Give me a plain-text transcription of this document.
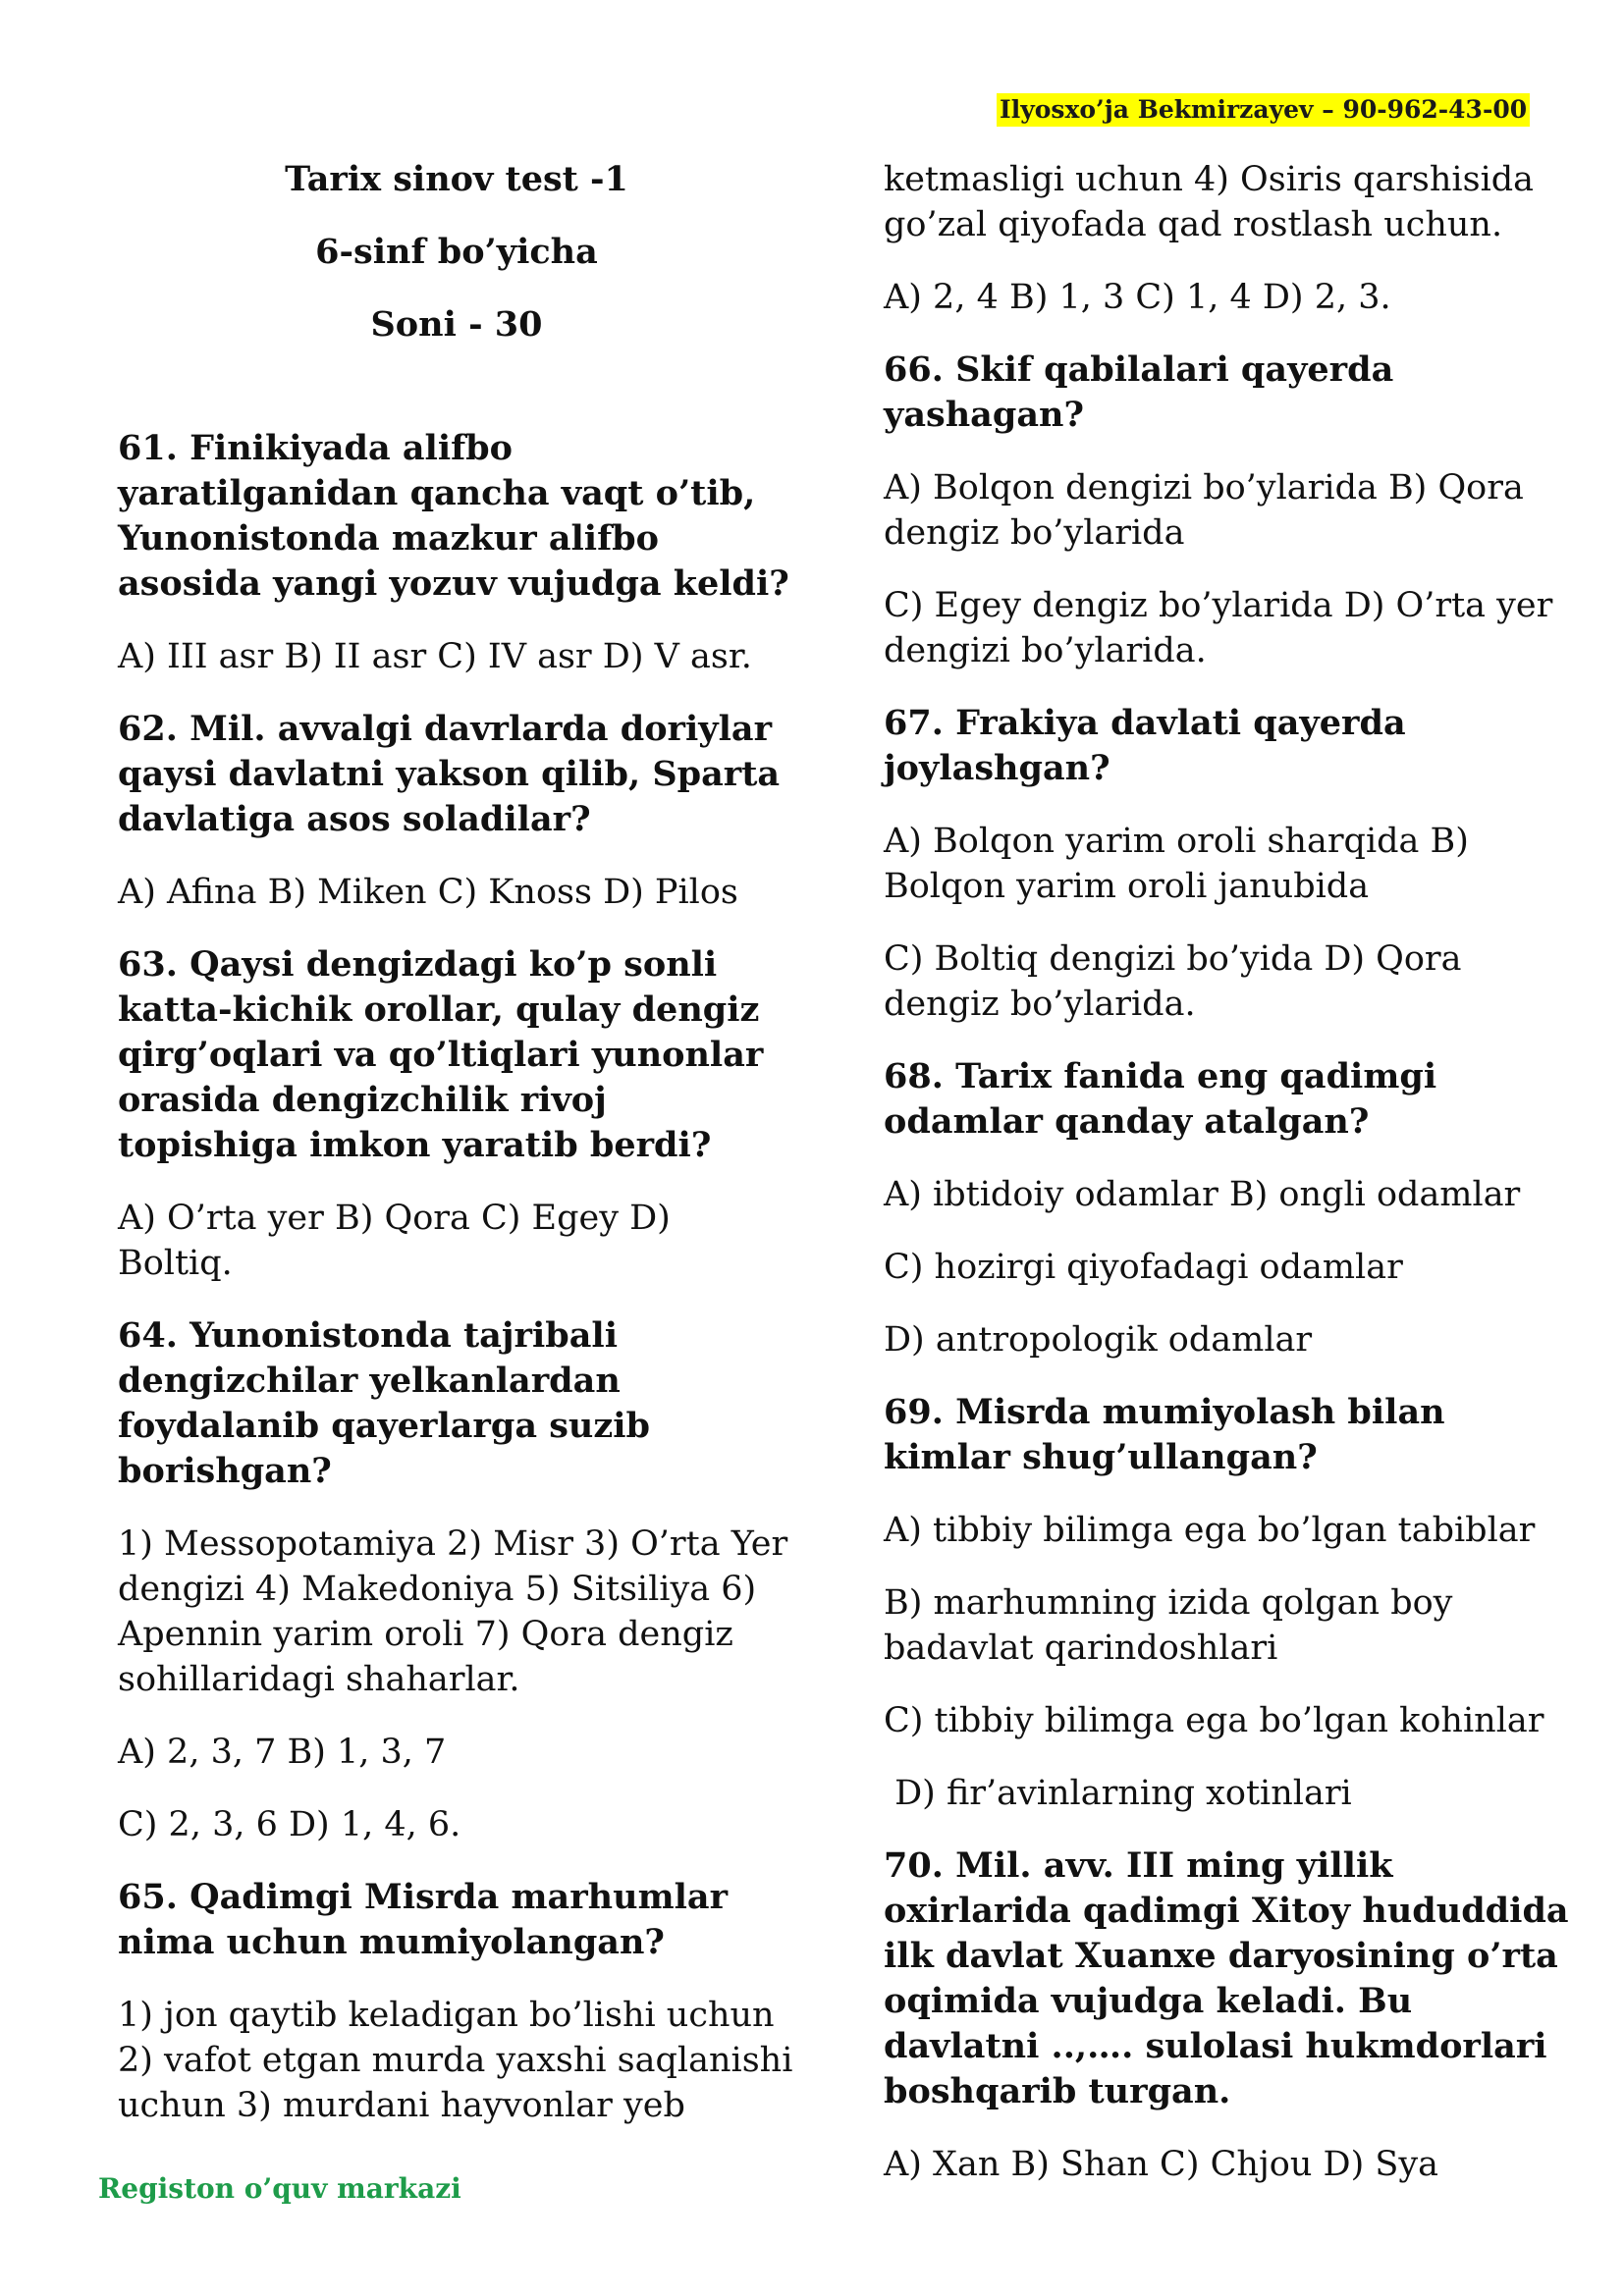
Ilyosxo’ja Bekmirzayev – 90-962-43-00
Tarix sinov test -1
6-sinf bo’yicha
Soni - 30

61. Finikiyada alifbo yaratilganidan qancha vaqt o’tib, Yunonistonda mazkur alifbo asosida yangi yozuv vujudga keldi?

A) III asr B) II asr C) IV asr D) V asr.

62. Mil. avvalgi davrlarda doriylar qaysi davlatni yakson qilib, Sparta davlatiga asos soladilar?

A) Afina B) Miken C) Knoss D) Pilos

63. Qaysi dengizdagi ko’p sonli katta-kichik orollar, qulay dengiz qirg’oqlari va qo’ltiqlari yunonlar orasida dengizchilik rivoj topishiga imkon yaratib berdi?

A) O’rta yer B) Qora C) Egey D) Boltiq.

64. Yunonistonda tajribali dengizchilar yelkanlardan foydalanib qayerlarga suzib borishgan?

1) Messopotamiya 2) Misr 3) O’rta Yer dengizi 4) Makedoniya 5) Sitsiliya 6) Apennin yarim oroli 7) Qora dengiz sohillaridagi shaharlar.

A) 2, 3, 7 B) 1, 3, 7

C) 2, 3, 6 D) 1, 4, 6.

65. Qadimgi Misrda marhumlar nima uchun mumiyolangan?

1) jon qaytib keladigan bo’lishi uchun 2) vafot etgan murda yaxshi saqlanishi uchun 3) murdani hayvonlar yeb

ketmasligi uchun 4) Osiris qarshisida go’zal qiyofada qad rostlash uchun.

A) 2, 4 B) 1, 3 C) 1, 4 D) 2, 3.

66. Skif qabilalari qayerda yashagan?

A) Bolqon dengizi bo’ylarida B) Qora dengiz bo’ylarida

C) Egey dengiz bo’ylarida D) O’rta yer dengizi bo’ylarida.

67. Frakiya davlati qayerda joylashgan?

A) Bolqon yarim oroli sharqida B) Bolqon yarim oroli janubida

C) Boltiq dengizi bo’yida D) Qora dengiz bo’ylarida.

68. Tarix fanida eng qadimgi odamlar qanday atalgan?

A) ibtidoiy odamlar B) ongli odamlar

C) hozirgi qiyofadagi odamlar

D) antropologik odamlar

69. Misrda mumiyolash bilan kimlar shug’ullangan?

A) tibbiy bilimga ega bo’lgan tabiblar

B) marhumning izida qolgan boy badavlat qarindoshlari

C) tibbiy bilimga ega bo’lgan kohinlar

D) fir’avinlarning xotinlari

70. Mil. avv. III ming yillik oxirlarida qadimgi Xitoy hududdida ilk davlat Xuanxe daryosining o’rta oqimida vujudga keladi. Bu davlatni ..,…. sulolasi hukmdorlari boshqarib turgan.

A) Xan B) Shan C) Chjou D) Sya

Registon o’quv markazi
